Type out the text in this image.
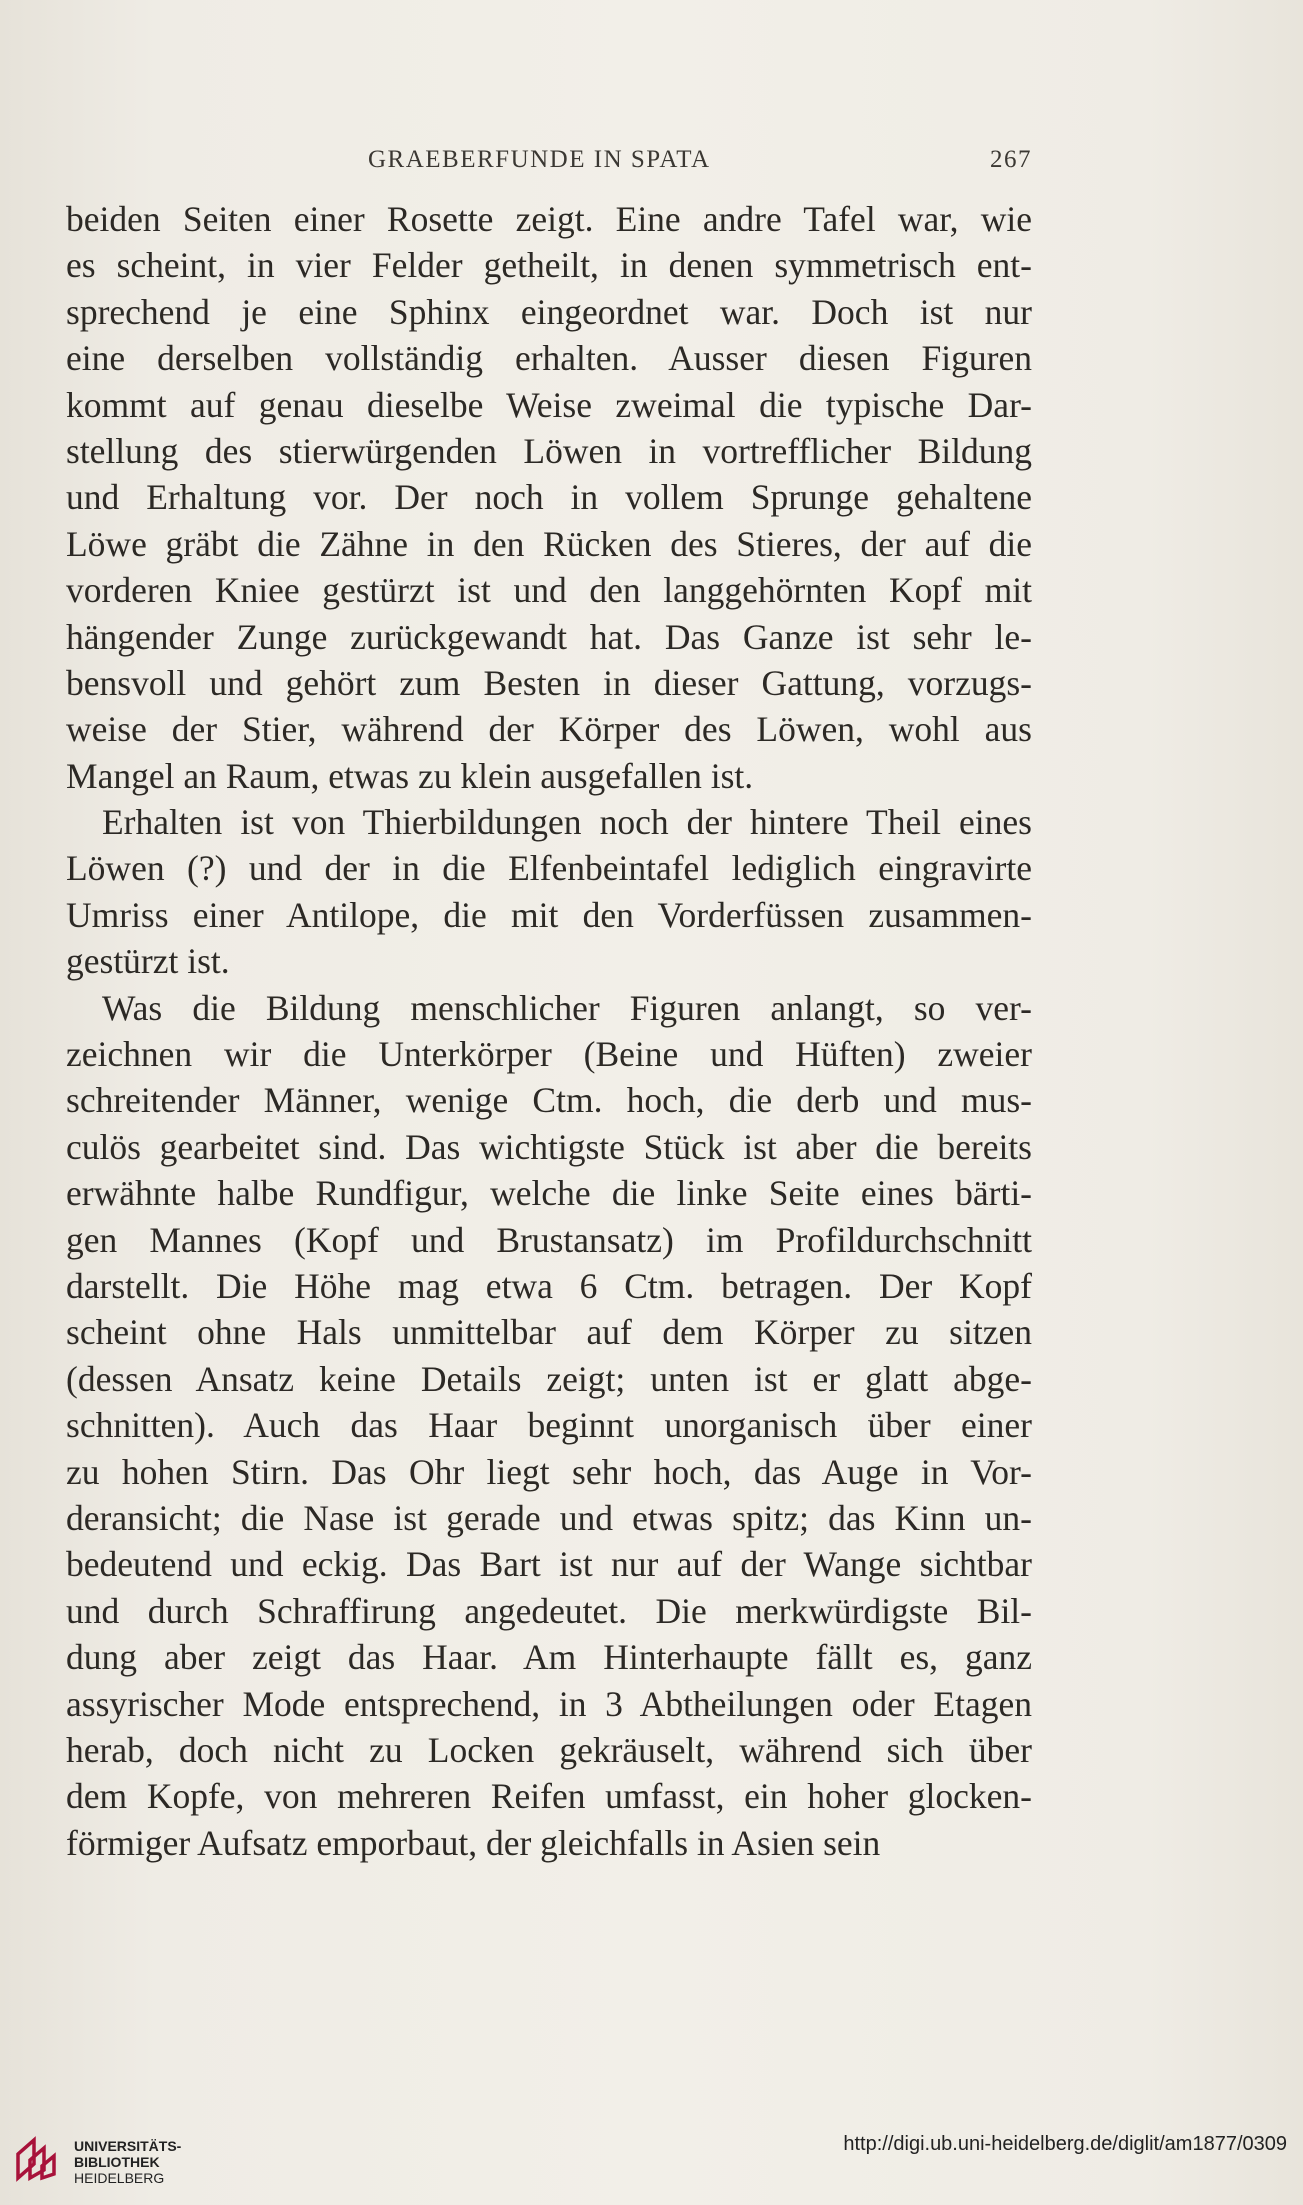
GRAEBERFUNDE IN SPATA	267
beiden Seiten einer Rosette zeigt. Eine andre Tafel war, wie
es scheint, in vier Felder getheilt, in denen symmetrisch ent-
sprechend je eine Sphinx eingeordnet war. Doch ist nur
eine derselben vollständig erhalten. Ausser diesen Figuren
kommt auf genau dieselbe Weise zweimal die typische Dar-
stellung des stierwürgenden Löwen in vortrefflicher Bildung
und Erhaltung vor. Der noch in vollem Sprunge gehaltene
Löwe gräbt die Zähne in den Rücken des Stieres, der auf die
vorderen Kniee gestürzt ist und den langgehörnten Kopf mit
hängender Zunge zurückgewandt hat. Das Ganze ist sehr le-
bensvoll und gehört zum Besten in dieser Gattung, vorzugs-
weise der Stier, während der Körper des Löwen, wohl aus
Mangel an Raum, etwas zu klein ausgefallen ist.
Erhalten ist von Thierbildungen noch der hintere Theil eines
Löwen (?) und der in die Elfenbeintafel lediglich eingravirte
Umriss einer Antilope, die mit den Vorderfüssen zusammen-
gestürzt ist.
Was die Bildung menschlicher Figuren anlangt, so ver-
zeichnen wir die Unterkörper (Beine und Hüften) zweier
schreitender Männer, wenige Ctm. hoch, die derb und mus-
culös gearbeitet sind. Das wichtigste Stück ist aber die bereits
erwähnte halbe Rundfigur, welche die linke Seite eines bärti-
gen Mannes (Kopf und Brustansatz) im Profildurchschnitt
darstellt. Die Höhe mag etwa 6 Ctm. betragen. Der Kopf
scheint ohne Hals unmittelbar auf dem Körper zu sitzen
(dessen Ansatz keine Details zeigt; unten ist er glatt abge-
schnitten). Auch das Haar beginnt unorganisch über einer
zu hohen Stirn. Das Ohr liegt sehr hoch, das Auge in Vor-
deransicht; die Nase ist gerade und etwas spitz; das Kinn un-
bedeutend und eckig. Das Bart ist nur auf der Wange sichtbar
und durch Schraffirung angedeutet. Die merkwürdigste Bil-
dung aber zeigt das Haar. Am Hinterhaupte fällt es, ganz
assyrischer Mode entsprechend, in 3 Abtheilungen oder Etagen
herab, doch nicht zu Locken gekräuselt, während sich über
dem Kopfe, von mehreren Reifen umfasst, ein hoher glocken-
förmiger Aufsatz emporbaut, der gleichfalls in Asien sein
UNIVERSITÄTS-
BIBLIOTHEK
HEIDELBERG
http://digi.ub.uni-heidelberg.de/diglit/am1877/0309
